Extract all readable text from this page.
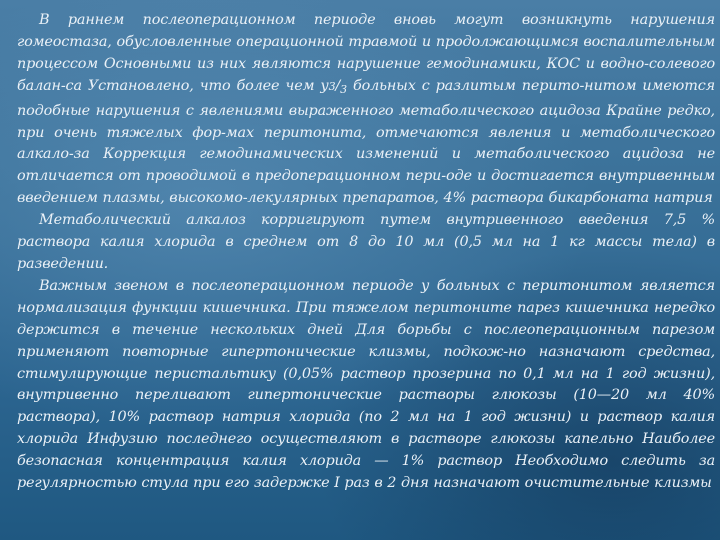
В раннем послеоперационном периоде вновь могут возникнуть нарушения гомеостаза, обусловленные операционной травмой и продолжающимся воспалительным процессом Основными из них являются нарушение гемодинамики, КОС и водно-солевого балан-са Установлено, что более чем $у3/_3$ больных с разлитым перито-нитом имеются подобные нарушения с явлениями выраженного метаболического ацидоза Крайне редко, при очень тяжелых фор-мах перитонита, отмечаются явления и метаболического алкало-за Коррекция гемодинамических изменений и метаболического ацидоза не отличается от проводимой в предоперационном пери-оде и достигается внутривенным введением плазмы, высокомо-лекулярных препаратов, 4% раствора бикарбоната натрия

Метаболический алкалоз корригируют путем внутривенного введения 7,5 % раствора калия хлорида в среднем от 8 до 10 мл (0,5 мл на 1 кг массы тела) в разведении.

Важным звеном в послеоперационном периоде у больных с перитонитом является нормализация функции кишечника. При тяжелом перитоните парез кишечника нередко держится в течение нескольких дней Для борьбы с послеоперационным парезом применяют повторные гипертонические клизмы, подкож-но назначают средства, стимулирующие перистальтику (0,05% раствор прозерина по 0,1 мл на 1 год жизни), внутривенно переливают гипертонические растворы глюкозы (10—20 мл 40% раствора), 10% раствор натрия хлорида (по 2 мл на 1 год жизни) и раствор калия хлорида Инфузию последнего осуществляют в растворе глюкозы капельно Наиболее безопасная концентрация калия хлорида — 1% раствор Необходимо следить за регулярностью стула при его задержке I раз в 2 дня назначают очистительные клизмы
